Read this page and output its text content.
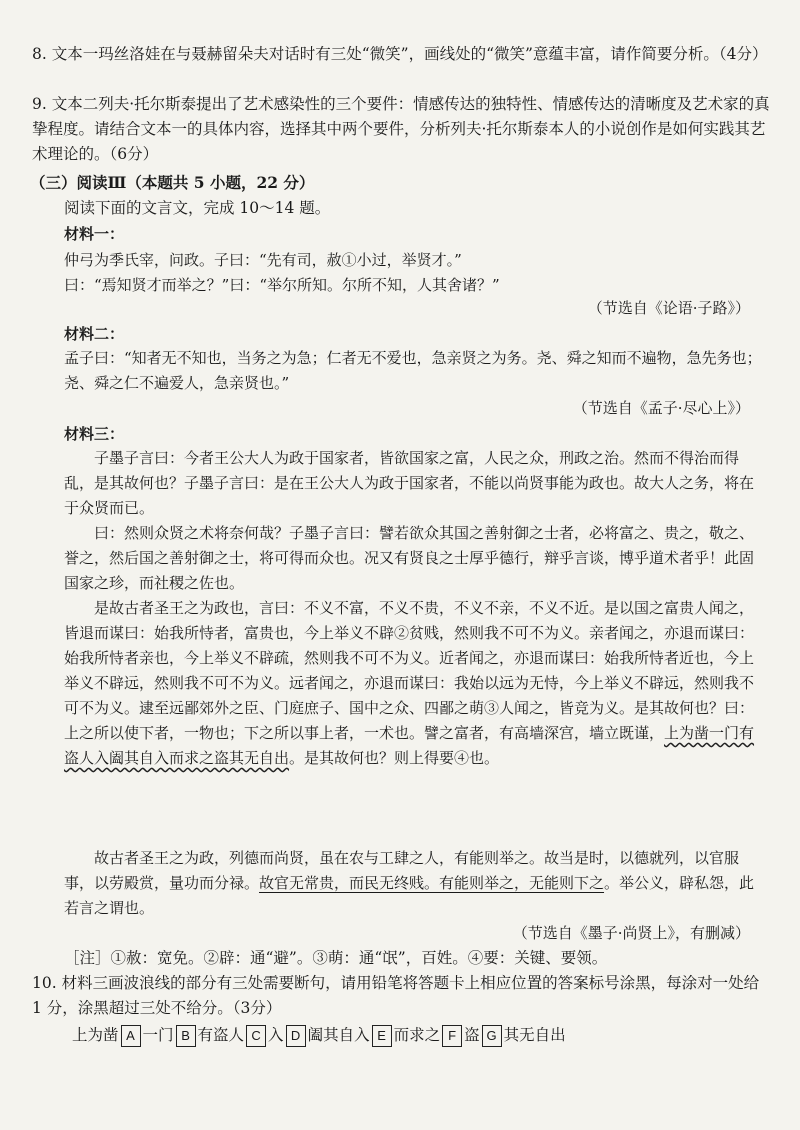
8. 文本一玛丝洛娃在与聂赫留朵夫对话时有三处“微笑”，画线处的“微笑”意蕴丰富，请作简要分析。（4分）
9. 文本二列夫·托尔斯泰提出了艺术感染性的三个要件：情感传达的独特性、情感传达的清晰度及艺术家的真挚程度。请结合文本一的具体内容，选择其中两个要件，分析列夫·托尔斯泰本人的小说创作是如何实践其艺术理论的。（6分）
（三）阅读Ⅲ（本题共 5 小题，22 分）
阅读下面的文言文，完成 10～14 题。
材料一：
仲弓为季氏宰，问政。子曰：“先有司，赦①小过，举贤才。”
曰：“焉知贤才而举之？”曰：“举尔所知。尔所不知，人其舍诸？”
（节选自《论语·子路》）
材料二：
孟子曰：“知者无不知也，当务之为急；仁者无不爱也，急亲贤之为务。尧、舜之知而不遍物，急先务也；尧、舜之仁不遍爱人，急亲贤也。”
（节选自《孟子·尽心上》）
材料三：
子墨子言曰：今者王公大人为政于国家者，皆欲国家之富，人民之众，刑政之治。然而不得治而得乱，是其故何也？子墨子言曰：是在王公大人为政于国家者，不能以尚贤事能为政也。故大人之务，将在于众贤而已。
曰：然则众贤之术将奈何哉？子墨子言曰：譬若欲众其国之善射御之士者，必将富之、贵之，敬之、誉之，然后国之善射御之士，将可得而众也。况又有贤良之士厚乎德行，辩乎言谈，博乎道术者乎！此固国家之珍，而社稷之佐也。
是故古者圣王之为政也，言曰：不义不富，不义不贵，不义不亲，不义不近。是以国之富贵人闻之，皆退而谋曰：始我所恃者，富贵也，今上举义不辟②贫贱，然则我不可不为义。亲者闻之，亦退而谋曰：始我所恃者亲也，今上举义不辟疏，然则我不可不为义。近者闻之，亦退而谋曰：始我所恃者近也，今上举义不辟远，然则我不可不为义。远者闻之，亦退而谋曰：我始以远为无恃，今上举义不辟远，然则我不可不为义。逮至远鄙郊外之臣、门庭庶子、国中之众、四鄙之萌③人闻之，皆竞为义。是其故何也？曰：上之所以使下者，一物也；下之所以事上者，一术也。譬之富者，有高墙深宫，墙立既谨，上为凿一门有盗人入阖其自入而求之盗其无自出。是其故何也？则上得要④也。
故古者圣王之为政，列德而尚贤，虽在农与工肆之人，有能则举之。故当是时，以德就列，以官服事，以劳殿赏，量功而分禄。故官无常贵，而民无终贱。有能则举之，无能则下之。举公义，辟私怨，此若言之谓也。
（节选自《墨子·尚贤上》，有删减）
［注］①赦：宽免。②辟：通“避”。③萌：通“氓”，百姓。④要：关键、要领。
10. 材料三画波浪线的部分有三处需要断句，请用铅笔将答题卡上相应位置的答案标号涂黑，每涂对一处给 1 分，涂黑超过三处不给分。（3分）
上为凿 A 一门 B 有盗人 C 入 D 阖其自入 E 而求之 F 盗 G 其无自出
